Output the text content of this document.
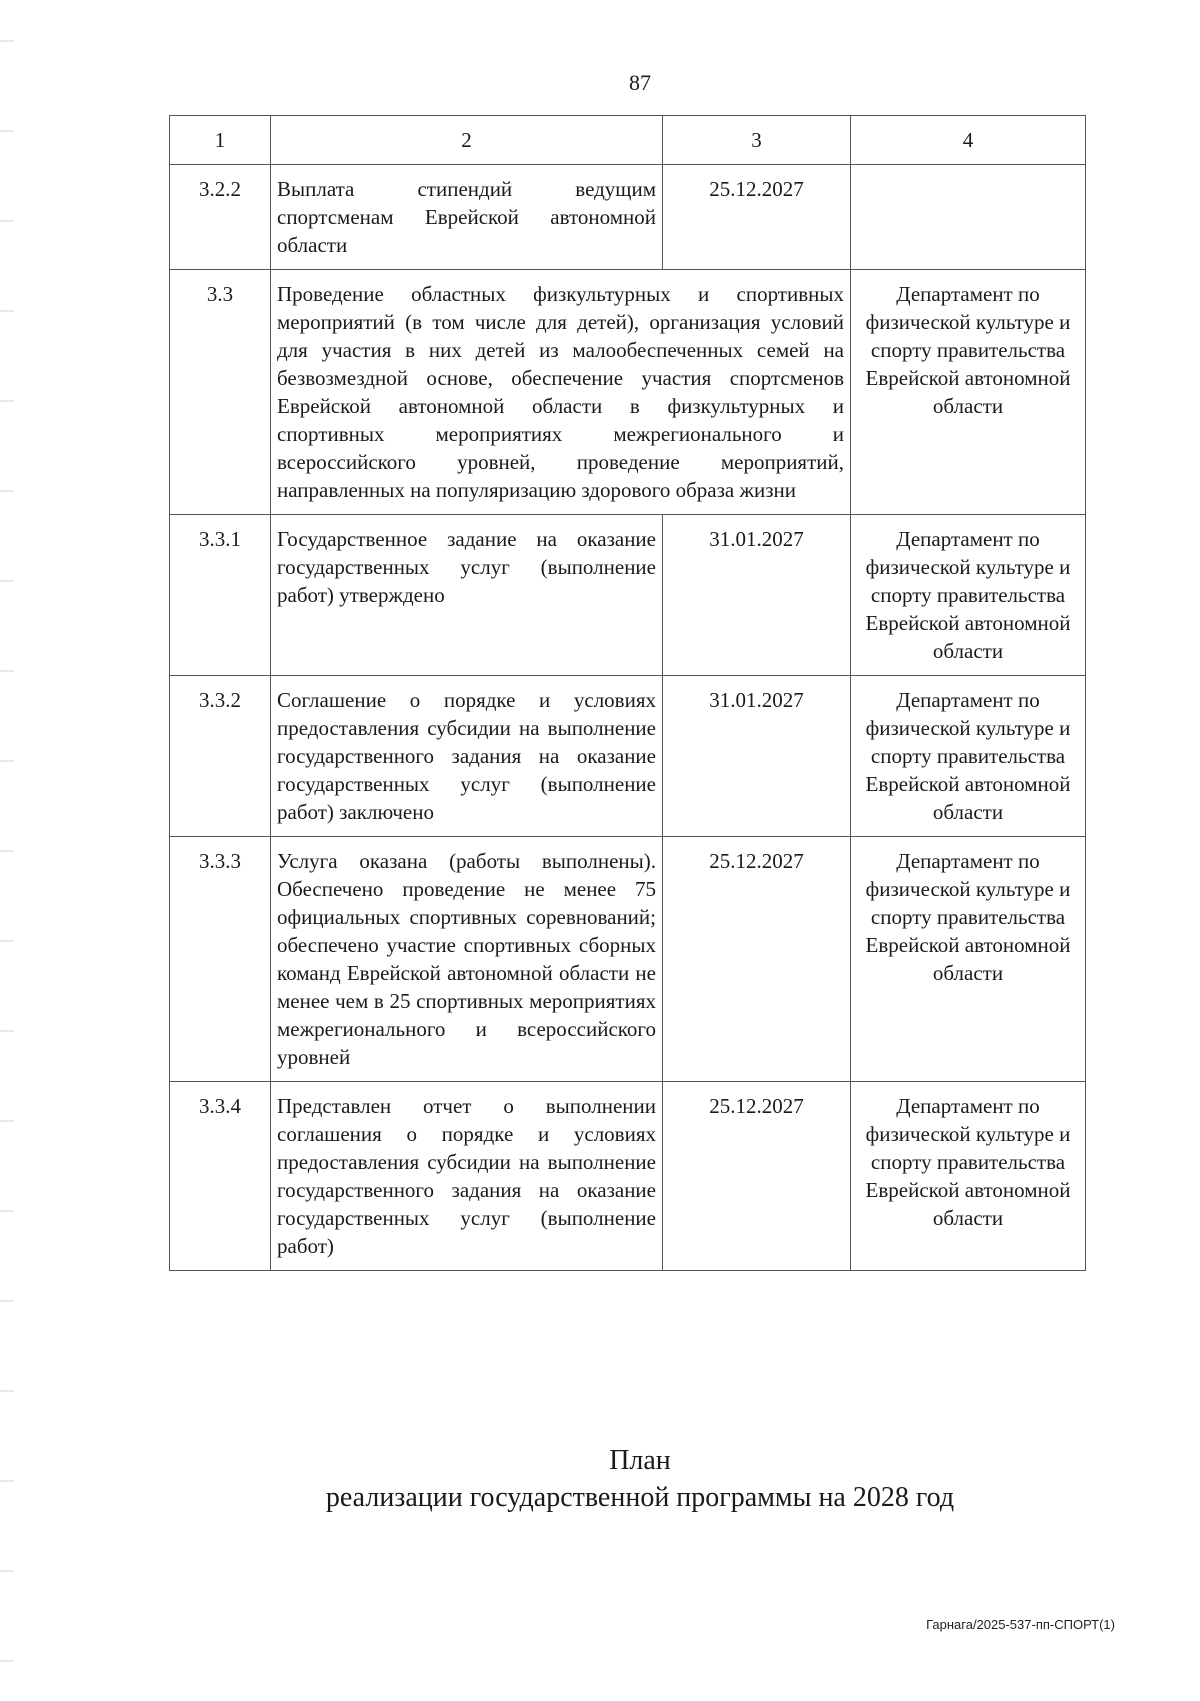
87
1	2	3	4
3.2.2	Выплата стипендий ведущим спортсменам Еврейской автономной области	25.12.2027	
3.3	Проведение областных физкультурных и спортивных мероприятий (в том числе для детей), организация условий для участия в них детей из малообеспеченных семей на безвозмездной основе, обеспечение участия спортсменов Еврейской автономной области в физкультурных и спортивных мероприятиях межрегионального и всероссийского уровней, проведение мероприятий, направленных на популяризацию здорового образа жизни		Департамент по физической культуре и спорту правительства Еврейской автономной области
3.3.1	Государственное задание на оказание государственных услуг (выполнение работ) утверждено	31.01.2027	Департамент по физической культуре и спорту правительства Еврейской автономной области
3.3.2	Соглашение о порядке и условиях предоставления субсидии на выполнение государственного задания на оказание государственных услуг (выполнение работ) заключено	31.01.2027	Департамент по физической культуре и спорту правительства Еврейской автономной области
3.3.3	Услуга оказана (работы выполнены). Обеспечено проведение не менее 75 официальных спортивных соревнований; обеспечено участие спортивных сборных команд Еврейской автономной области не менее чем в 25 спортивных мероприятиях межрегионального и всероссийского уровней	25.12.2027	Департамент по физической культуре и спорту правительства Еврейской автономной области
3.3.4	Представлен отчет о выполнении соглашения о порядке и условиях предоставления субсидии на выполнение государственного задания на оказание государственных услуг (выполнение работ)	25.12.2027	Департамент по физической культуре и спорту правительства Еврейской автономной области
План
реализации государственной программы на 2028 год
Гарнага/2025-537-пп-СПОРТ(1)
